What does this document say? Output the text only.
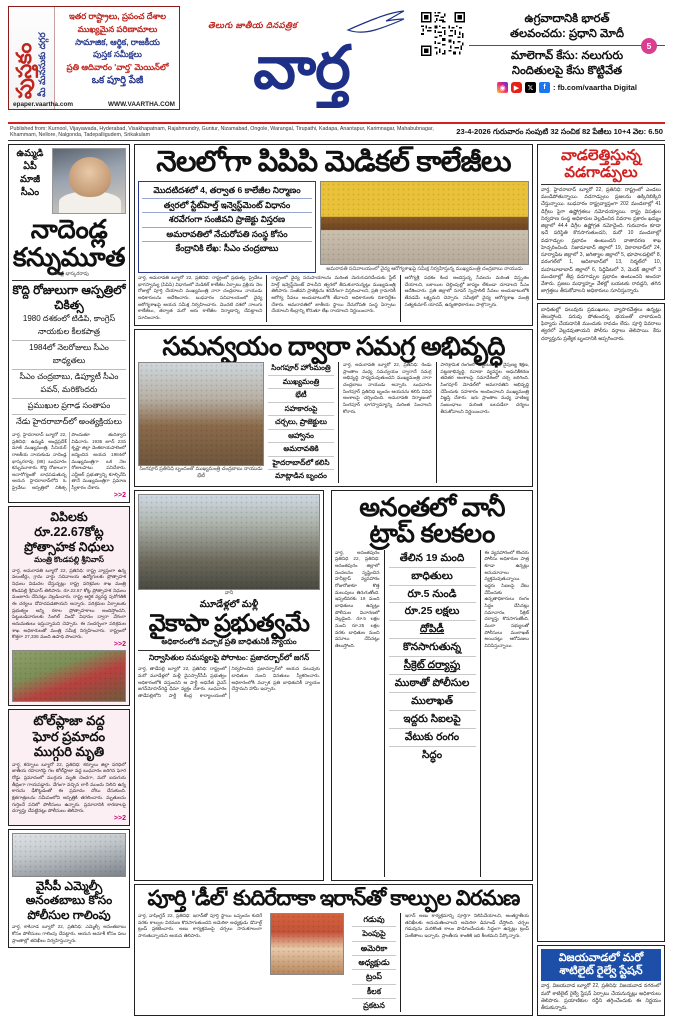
పుస్తకం మీ మనసుకు దగ్గర
ఇతర రాష్ట్రాలు, ప్రపంచ దేశాల
ముఖ్యమైన పరిణామాలు
సామాజిక, ఆర్థిక, రాజకీయ
పుస్తక సమీక్షలు
ప్రతి ఆదివారం 'వార్త' మెయిన్‌లో
ఒక పూర్తి పేజీ
epaper.vaartha.com	WWW.VAARTHA.COM
తెలుగు జాతీయ దినపత్రిక
వార్త
ఉగ్రవాదానికి భారత్
తలవంచదు: ప్రధాని మోదీ
5
మాలెగావ్ కేసు: నలుగురు
నిందితులపై కేసు కొట్టివేత
◉	▶	𝕏	f : fb.com/vaartha Digital
Published from: Kurnool, Vijayawada, Hyderabad, Visakhapatnam, Rajahmundry, Guntur, Nizamabad, Ongole, Warangal, Tirupathi, Kadapa, Anantapur, Karimnagar, Mahabubnagar, Khammam, Nellore, Nalgonda, Tadepalligudem, Srikakulam	23-4-2026 గురువారం సంపుటి 32 సంచిక 82 పేజీలు 10+4 వెల: 6.50
ఉమ్మడి ఏపీ మాజీ సీఎం
నాదెండ్ల
కన్నుమూత
నాదెండ్ల భాస్కరరావు
కొద్ది రోజులుగా ఆస్పత్రిలో చికిత్స
1980 దశకంలో టిడిపి, కాంగ్రెస్ నాయకుల కీలకపాత్ర
1984లో నెలరోజులు సీఎం బాధ్యతలు
సీఎం చంద్రబాబు, డిప్యూటీ సీఎం పవన్, మరికొందరు
ప్రముఖుల ప్రగాఢ సంతాపం
నేడు హైదరాబాద్‌లో అంత్యక్రియలు
వార్త, హైదరాబాద్ బ్యూరో 22, ప్రతినిధి: ఉమ్మడి ఆంధ్రప్రదేశ్ మాజీ ముఖ్యమంత్రి, సీనియర్ రాజకీయ నాయకుడు నాదెండ్ల భాస్కరరావు (88) బుధవారం కన్నుమూశారు. కొద్ది రోజులుగా అనారోగ్యంతో బాధపడుతున్న ఆయన హైదరాబాద్‌లోని ఓ ప్రైవేటు ఆస్పత్రిలో చికిత్స పొందుతూ తుదిశ్వాస విడిచారు. 1935 జూన్ 23న కృష్ణా జిల్లా వెంకటాయపాలెంలో జన్మించిన ఆయన 1984లో ముఖ్యమంత్రిగా ఒక నెల రోజులపాటు పనిచేశారు. ఎన్టీఆర్ ప్రభుత్వాన్ని కూల్చివేసి తానే ముఖ్యమంత్రిగా ప్రమాణ స్వీకారం చేశారు.
>>2
విపిలకు
రూ.22.67కోట్ల
ప్రోత్సాహక నిధులు
మంత్రి కొండపల్లి శ్రీనివాస్
వార్త, అమరావతి బ్యూరో 22, ప్రతినిధి: రాష్ట్ర వ్యాప్తంగా ఉన్న వలంటీర్లు, గ్రామ వార్డు సచివాలయ ఉద్యోగులకు ప్రోత్సాహక నిధులు విడుదల చేస్తున్నట్లు రాష్ట్ర పరిశ్రమల శాఖ మంత్రి కొండపల్లి శ్రీనివాస్ తెలిపారు. రూ.22.67 కోట్ల ప్రోత్సాహక నిధులు మంజూరు చేసినట్లు వెల్లడించారు. రాష్ట్ర ఆర్థిక వ్యవస్థ పురోగతికి ఈ చర్యలు దోహదపడతాయని అన్నారు. పరిశ్రమల ఏర్పాటుకు ప్రభుత్వం అన్ని రకాల ప్రోత్సాహకాలు అందిస్తోందని, పెట్టుబడిదారులకు సింగిల్ విండో విధానం ద్వారా వేగంగా అనుమతులు ఇస్తున్నామని చెప్పారు. ఈ సందర్భంగా పరిశ్రమల శాఖ అధికారులతో మంత్రి సమీక్ష నిర్వహించారు. రాష్ట్రంలో కొత్తగా 27,336 మంది ఉపాధి పొందారు.
>>2
టోల్‌ప్లాజా వద్ద
ఘోర ప్రమాదం
ముగ్గురి మృతి
వార్త, కర్నూలు బ్యూరో 22, ప్రతినిధి: కర్నూలు జిల్లా పరిధిలో జాతీయ రహదారిపై గల టోల్‌ప్లాజా వద్ద బుధవారం జరిగిన ఘోర రోడ్డు ప్రమాదంలో ముగ్గురు మృతి చెందగా, మరో ఐదుగురు తీవ్రంగా గాయపడ్డారు. వేగంగా వచ్చిన లారీ ముందు నిలిచి ఉన్న కారును ఢీకొట్టడంతో ఈ ప్రమాదం చోటు చేసుకుంది. క్షతగాత్రులను సమీపంలోని ఆస్పత్రికి తరలించారు. మృతులను గుర్తించే పనిలో పోలీసులు ఉన్నారు. ప్రమాదానికి కారణాలపై దర్యాప్తు చేపట్టినట్లు పోలీసులు తెలిపారు.
>>2
వైసీపీ ఎమ్మెల్సీ
అనంతబాబు కోసం
పోలీసుల గాలింపు
వార్త, కాకినాడ బ్యూరో 22, ప్రతినిధి: ఎమ్మెల్సీ అనంతబాబు కోసం పోలీసులు గాలింపు చేపట్టారు. ఆయన ఆచూకీ కోసం పలు ప్రాంతాల్లో తనిఖీలు నిర్వహిస్తున్నారు.
నెలలోగా పిపిపి మెడికల్ కాలేజీలు
మొదటిదశలో 4, తర్వాత 6 కాలేజీల నిర్మాణం
త్వరలో స్టేట్‌హెల్త్ ఇన్వెస్ట్‌మెంట్ విధానం
శరవేగంగా సంజీవని ప్రాజెక్టు విస్తరణ
అమరావతిలో నేచురోపతి సంస్థ కోసం
కేంద్రానికి లేఖ: సీఎం చంద్రబాబు
అమరావతి సచివాలయంలో వైద్య ఆరోగ్యశాఖపై సమీక్ష నిర్వహిస్తున్న ముఖ్యమంత్రి చంద్రబాబు నాయుడు
వార్త, అమరావతి బ్యూరో 22, ప్రతినిధి: రాష్ట్రంలో ప్రభుత్వ, ప్రైవేటు భాగస్వామ్య (పిపిపి) విధానంలో మెడికల్ కాలేజీల ఏర్పాటు ప్రక్రియ నెల రోజుల్లో పూర్తి చేయాలని ముఖ్యమంత్రి నారా చంద్రబాబు నాయుడు అధికారులను ఆదేశించారు. బుధవారం సచివాలయంలో వైద్య ఆరోగ్యశాఖపై ఆయన సమీక్ష నిర్వహించారు. మొదటి దశలో నాలుగు కాలేజీలు, తర్వాత మరో ఆరు కాలేజీల నిర్మాణాన్ని చేపట్టాలని సూచించారు.
రాష్ట్రంలో వైద్య సదుపాయాలను మరింత మెరుగుపరిచేందుకు స్టేట్ హెల్త్ ఇన్వెస్ట్‌మెంట్ పాలసీని త్వరలో తీసుకురానున్నట్లు ముఖ్యమంత్రి తెలిపారు. సంజీవని ప్రాజెక్టును శరవేగంగా విస్తరించాలని, ప్రతి గ్రామానికీ ఆరోగ్య సేవలు అందుబాటులోకి తేవాలని అధికారులకు దిశానిర్దేశం చేశారు. అమరావతిలో జాతీయ స్థాయి నేచురోపతి సంస్థ ఏర్పాటు చేయాలని కేంద్రాన్ని కోరుతూ లేఖ రాయాలని నిర్ణయించారు.
ఆరోగ్యశ్రీ పథకం కింద అందిస్తున్న సేవలను మరింత విస్తృతం చేయాలని, బకాయిల చెల్లింపుల్లో జాప్యం లేకుండా చూడాలని సీఎం ఆదేశించారు. ప్రతి జిల్లాలో సూపర్ స్పెషాలిటీ సేవలు అందుబాటులోకి తేవడమే లక్ష్యమని చెప్పారు. సమీక్షలో వైద్య ఆరోగ్యశాఖ మంత్రి సత్యకుమార్ యాదవ్, ఉన్నతాధికారులు పాల్గొన్నారు.
సమన్వయం ద్వారా సమగ్ర అభివృద్ధి
సింగపూర్ ప్రతినిధి బృందంతో ముఖ్యమంత్రి చంద్రబాబు నాయుడు భేటీ
సింగపూర్ హోంమంత్రి
ముఖ్యమంత్రి
భేటీ
సహకారంపై
చర్చలు, ప్రాజెక్టులు
ఆహ్వానం
అమరావతికి
హైదరాబాద్‌లో కలిసి
మాట్లాడిన బృందం
వార్త, అమరావతి బ్యూరో 22, ప్రతినిధి: రెండు ప్రాంతాల మధ్య సమన్వయం ద్వారానే సమగ్ర అభివృద్ధి సాధ్యమవుతుందని ముఖ్యమంత్రి నారా చంద్రబాబు నాయుడు అన్నారు. బుధవారం సింగపూర్ ప్రతినిధి బృందం ఆయనను కలిసి వివిధ అంశాలపై చర్చించింది. అమరావతి నిర్మాణంలో సింగపూర్ భాగస్వామ్యాన్ని మరింత పెంచాలని కోరారు.
పారిశ్రామిక రంగంలో పెట్టుబడులు, నైపుణ్య శిక్షణ, పట్టణాభివృద్ధి, రవాణా వ్యవస్థల ఆధునికీకరణ తదితర అంశాలపై సమావేశంలో చర్చ జరిగింది. సింగపూర్ మోడల్‌లో అమరావతిని అభివృద్ధి చేసేందుకు సహకారం అందించాలని ముఖ్యమంత్రి విజ్ఞప్తి చేశారు. ఇరు ప్రాంతాల మధ్య వాణిజ్య సంబంధాలు మరింత బలపడేలా చర్యలు తీసుకోవాలని నిర్ణయించారు.
వానీ
మూడేళ్లలో మళ్లీ
వైకాపా ప్రభుత్వమే
అధికారంలోకి వచ్చాక ప్రతి బాధితునికీ న్యాయం
నిర్వాసితుల సమస్యలపై పోరాటం: ప్రజాదర్బార్‌లో జగన్
వార్త, తాడేపల్లి బ్యూరో 22, ప్రతినిధి: రాష్ట్రంలో మరో మూడేళ్లలో మళ్లీ వైఎస్సార్‌సీపీ ప్రభుత్వం అధికారంలోకి వస్తుందని ఆ పార్టీ అధినేత వైఎస్ జగన్‌మోహన్‌రెడ్డి ధీమా వ్యక్తం చేశారు. బుధవారం తాడేపల్లిలోని పార్టీ కేంద్ర కార్యాలయంలో నిర్వహించిన ప్రజాదర్బార్‌లో ఆయన పలువురు బాధితుల నుంచి వినతులు స్వీకరించారు. అధికారంలోకి వచ్చాక ప్రతి బాధితునికీ న్యాయం చేస్తామని హామీ ఇచ్చారు.
అనంతలో వానీ ట్రాప్ కలకలం
వార్త, అనంతపురం ప్రతినిధి 22, ప్రతినిధి: అనంతపురం జిల్లాలో సంచలనం సృష్టించిన హనీట్రాప్ వ్యవహారం రోజురోజుకూ కొత్త మలుపులు తిరుగుతోంది. ఇప్పటివరకు 19 మంది బాధితులు ఉన్నట్లు పోలీసుల విచారణలో వెల్లడైంది. రూ.5 లక్షల నుంచి రూ.25 లక్షల వరకు బాధితుల నుంచి వసూలు చేసినట్లు తెలుస్తోంది.
తేలిన 19 మంది
బాధితులు
రూ.5 నుండి
రూ.25 లక్షలు
దోపిడీ
కొనసాగుతున్న
సీక్రెట్ దర్యాప్తు
ముఠాతో పోలీసుల
ములాఖత్
ఇద్దరు సిఐలపై
వేటుకు రంగం
సిద్ధం
ఈ వ్యవహారంలో కొందరు పోలీసు అధికారుల పాత్ర కూడా ఉన్నట్లు అనుమానాలు వ్యక్తమవుతున్నాయి. ఇద్దరు సిఐలపై వేటు వేసేందుకు ఉన్నతాధికారులు రంగం సిద్ధం చేసినట్లు సమాచారం. సీక్రెట్ దర్యాప్తు కొనసాగుతోంది. ముఠా సభ్యులతో పోలీసులు ములాఖత్ అయినట్లు ఆరోపణలు వినిపిస్తున్నాయి.
పూర్తి 'డీల్' కుదిరేదాకా ఇరాన్‌తో కాల్పుల విరమణ
వార్త, వాషింగ్టన్ 22, ప్రతినిధి: ఇరాన్‌తో పూర్తి స్థాయి ఒప్పందం కుదిరే వరకు కాల్పుల విరమణ కొనసాగుతుందని అమెరికా అధ్యక్షుడు డొనాల్డ్ ట్రంప్ ప్రకటించారు. అణు కార్యక్రమంపై చర్చలు సానుకూలంగా సాగుతున్నాయని ఆయన తెలిపారు.
గడువు
పెంపుపై
అమెరికా
అధ్యక్షుడు
ట్రంప్
కీలక
ప్రకటన
ఇరాన్ అణు కార్యక్రమాన్ని పూర్తిగా నిలిపివేయాలని, అంతర్జాతీయ తనిఖీలకు అనుమతించాలని అమెరికా డిమాండ్ చేస్తోంది. చర్చల గడువును మరికొంత కాలం పొడిగించేందుకు సిద్ధంగా ఉన్నట్లు ట్రంప్ సంకేతాలు ఇచ్చారు. ప్రాంతీయ శాంతికి ఇది కీలకమని పేర్కొన్నారు.
వాడలెత్తిస్తున్న
వడగాడ్పులు
వార్త, హైదరాబాద్ బ్యూరో 22, ప్రతినిధి: రాష్ట్రంలో ఎండలు మండిపోతున్నాయి. వడగాడ్పులు ప్రజలను ఉక్కిరిబిక్కిరి చేస్తున్నాయి. బుధవారం రాష్ట్రవ్యాప్తంగా 202 మండలాల్లో 41 డిగ్రీలు పైగా ఉష్ణోగ్రతలు నమోదయ్యాయి. రాష్ట్ర విపత్తుల నిర్వహణ సంస్థ అధికారుల వెల్లడించిన వివరాల ప్రకారం ఖమ్మం జిల్లాలో 44.4 డిగ్రీల ఉష్ణోగ్రత నమోదైంది. గురువారం కూడా ఇదే పరిస్థితి కొనసాగుతుందని, మరో 10 మండలాల్లో వడగాడ్పుల ప్రభావం ఉంటుందని వాతావరణ శాఖ హెచ్చరించింది. నిజామాబాద్ జిల్లాలో 19, వికారాబాద్‌లో 24, సూర్యాపేట జిల్లాలో 3, జగిత్యాల జిల్లాలో 5, భూపాలపల్లిలో 8, వరంగల్‌లో 1, ఆదిలాబాద్‌లో 13, నిర్మల్‌లో 10, మహబూబాబాద్ జిల్లాలో 6, సిద్దిపేటలో 3, మెదక్ జిల్లాలో 3 మండలాల్లో తీవ్ర వడగాడ్పుల ప్రభావం ఉంటుందని అంచనా వేశారు. ప్రజలు మధ్యాహ్నం వేళల్లో బయటకు రావద్దని, తగిన జాగ్రత్తలు తీసుకోవాలని అధికారులు సూచిస్తున్నారు.
బాధితుల్లో పలువురు ప్రముఖులు, వ్యాపారవేత్తలు ఉన్నట్లు తెలుస్తోంది. పరువు పోతుందన్న భయంతో చాలామంది ఫిర్యాదు చేయడానికి ముందుకు రావడం లేదు. పూర్తి వివరాలు త్వరలో వెల్లడవుతాయని పోలీసు వర్గాలు తెలిపాయి. కేసు దర్యాప్తును ప్రత్యేక బృందానికి అప్పగించారు.
విజయవాడలో మరో
శాటిలైట్ రైల్వే స్టేషన్
వార్త, విజయవాడ బ్యూరో 22, ప్రతినిధి: విజయవాడ నగరంలో మరో శాటిలైట్ రైల్వే స్టేషన్ ఏర్పాటు చేయనున్నట్లు అధికారులు తెలిపారు. ప్రయాణికుల రద్దీని తగ్గించేందుకు ఈ నిర్ణయం తీసుకున్నారు.
